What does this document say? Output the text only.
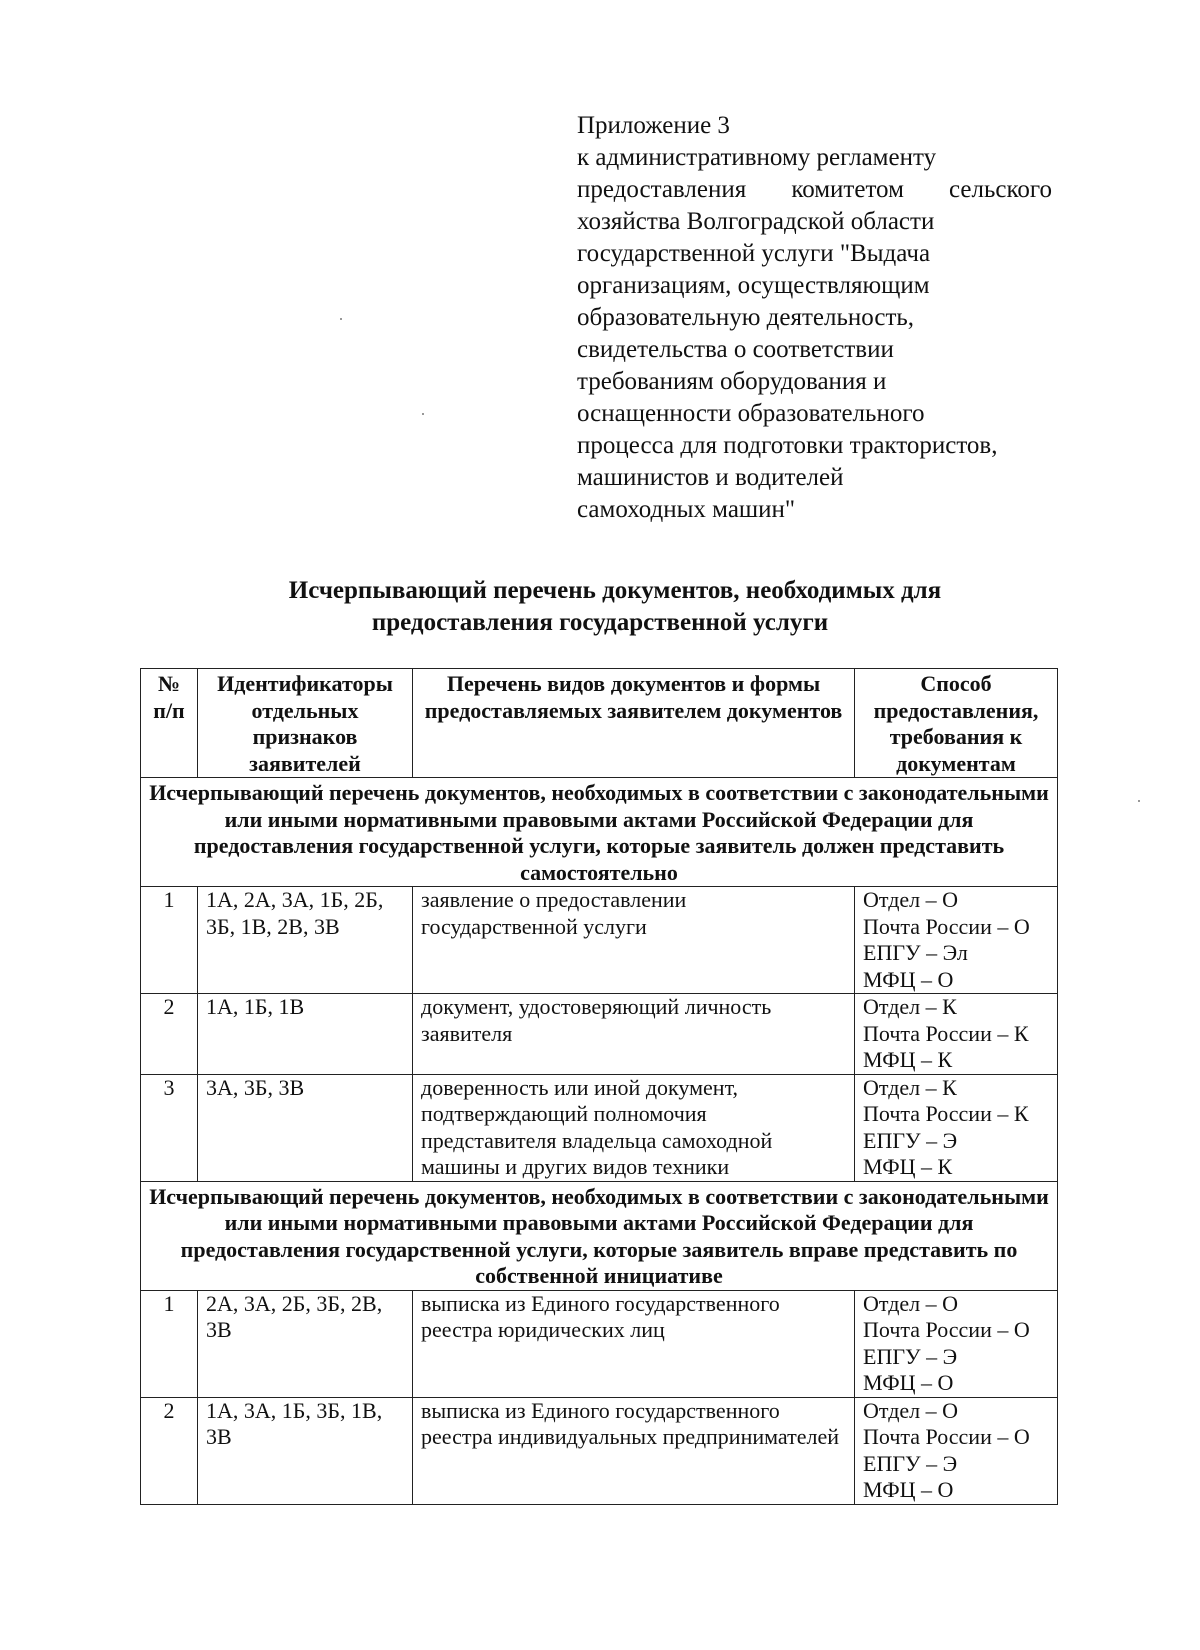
Приложение 3
к административному регламенту
предоставления комитетом сельского
хозяйства Волгоградской области
государственной услуги "Выдача
организациям, осуществляющим
образовательную деятельность,
свидетельства о соответствии
требованиям оборудования и
оснащенности образовательного
процесса для подготовки трактористов,
машинистов и водителей
самоходных машин"
Исчерпывающий перечень документов, необходимых для
предоставления государственной услуги
№ п/п	Идентификаторы отдельных признаков заявителей	Перечень видов документов и формы предоставляемых заявителем документов	Способ предоставления, требования к документам
Исчерпывающий перечень документов, необходимых в соответствии с законодательными или иными нормативными правовыми актами Российской Федерации для предоставления государственной услуги, которые заявитель должен представить самостоятельно			
1	1А, 2А, 3А, 1Б, 2Б, 3Б, 1В, 2В, 3В	заявление о предоставлении государственной услуги	Отдел – О
Почта России – О
ЕПГУ – Эл
МФЦ – О

2	1А, 1Б, 1В	документ, удостоверяющий личность заявителя	Отдел – К
Почта России – К
МФЦ – К

3	3А, 3Б, 3В	доверенность или иной документ, подтверждающий полномочия представителя владельца самоходной машины и других видов техники	Отдел – К
Почта России – К
ЕПГУ – Э
МФЦ – К

Исчерпывающий перечень документов, необходимых в соответствии с законодательными или иными нормативными правовыми актами Российской Федерации для предоставления государственной услуги, которые заявитель вправе представить по собственной инициативе			
1	2А, 3А, 2Б, 3Б, 2В, 3В	выписка из Единого государственного реестра юридических лиц	Отдел – О
Почта России – О
ЕПГУ – Э
МФЦ – О

2	1А, 3А, 1Б, 3Б, 1В, 3В	выписка из Единого государственного реестра индивидуальных предпринимателей	Отдел – О
Почта России – О
ЕПГУ – Э
МФЦ – О
